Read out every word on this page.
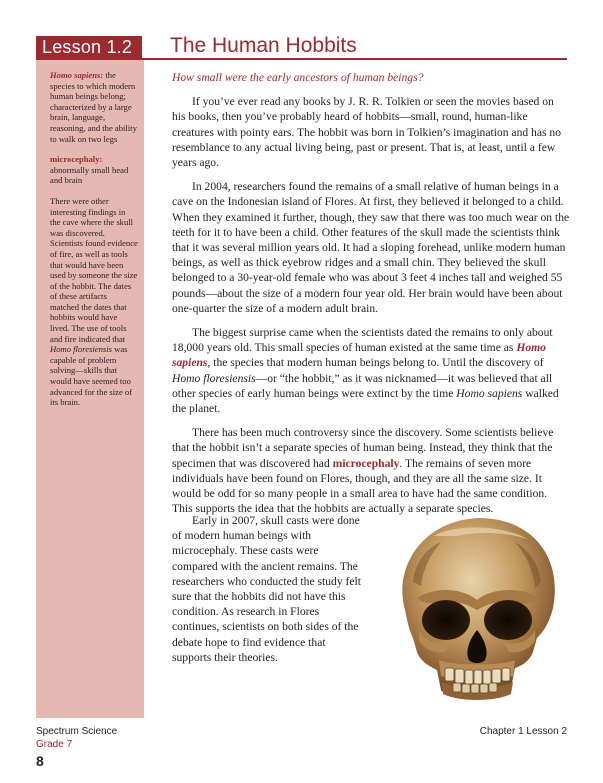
Lesson 1.2	The Human Hobbits

Homo sapiens: the species to which modern human beings belong; characterized by a large brain, language, reasoning, and the ability to walk on two legs

microcephaly: abnormally small head and brain

There were other interesting findings in the cave where the skull was discovered. Scientists found evidence of fire, as well as tools that would have been used by someone the size of the hobbit. The dates of these artifacts matched the dates that hobbits would have lived. The use of tools and fire indicated that Homo floresiensis was capable of problem solving—skills that would have seemed too advanced for the size of its brain.

How small were the early ancestors of human beings?

If you’ve ever read any books by J. R. R. Tolkien or seen the movies based on his books, then you’ve probably heard of hobbits—small, round, human-like creatures with pointy ears. The hobbit was born in Tolkien’s imagination and has no resemblance to any actual living being, past or present. That is, at least, until a few years ago.

In 2004, researchers found the remains of a small relative of human beings in a cave on the Indonesian island of Flores. At first, they believed it belonged to a child. When they examined it further, though, they saw that there was too much wear on the teeth for it to have been a child. Other features of the skull made the scientists think that it was several million years old. It had a sloping forehead, unlike modern human beings, as well as thick eyebrow ridges and a small chin. They believed the skull belonged to a 30-year-old female who was about 3 feet 4 inches tall and weighed 55 pounds—about the size of a modern four year old. Her brain would have been about one-quarter the size of a modern adult brain.

The biggest surprise came when the scientists dated the remains to only about 18,000 years old. This small species of human existed at the same time as Homo sapiens, the species that modern human beings belong to. Until the discovery of Homo floresiensis—or “the hobbit,” as it was nicknamed—it was believed that all other species of early human beings were extinct by the time Homo sapiens walked the planet.

There has been much controversy since the discovery. Some scientists believe that the hobbit isn’t a separate species of human being. Instead, they think that the specimen that was discovered had microcephaly. The remains of seven more individuals have been found on Flores, though, and they are all the same size. It would be odd for so many people in a small area to have had the same condition. This supports the idea that the hobbits are actually a separate species.

Early in 2007, skull casts were done of modern human beings with microcephaly. These casts were compared with the ancient remains. The researchers who conducted the study felt sure that the hobbits did not have this condition. As research in Flores continues, scientists on both sides of the debate hope to find evidence that supports their theories.

Spectrum Science
Grade 7
8
Chapter 1 Lesson 2
